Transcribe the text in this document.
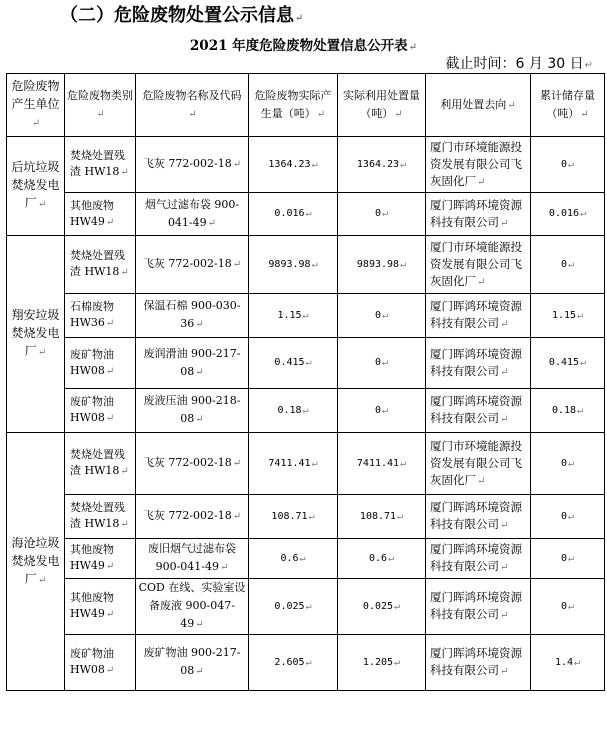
（二）危险废物处置公示信息↵
2021 年度危险废物处置信息公开表↵
截止时间：6 月 30 日↵
危险废物产生单位↵	危险废物类别↵	危险废物名称及代码↵	危险废物实际产生量（吨）↵	实际利用处置量（吨）↵	利用处置去向↵	累计储存量（吨）↵
后坑垃圾焚烧发电厂↵	焚烧处置残渣 HW18↵	飞灰 772-002-18↵	1364.23↵	1364.23↵	厦门市环境能源投资发展有限公司飞灰固化厂↵	0↵
	其他废物 HW49↵	烟气过滤布袋 900-041-49↵	0.016↵	0↵	厦门晖鸿环境资源科技有限公司↵	0.016↵
翔安垃圾焚烧发电厂↵	焚烧处置残渣 HW18↵	飞灰 772-002-18↵	9893.98↵	9893.98↵	厦门市环境能源投资发展有限公司飞灰固化厂↵	0↵
	石棉废物 HW36↵	保温石棉 900-030-36↵	1.15↵	0↵	厦门晖鸿环境资源科技有限公司↵	1.15↵
	废矿物油 HW08↵	废润滑油 900-217-08↵	0.415↵	0↵	厦门晖鸿环境资源科技有限公司↵	0.415↵
	废矿物油 HW08↵	废液压油 900-218-08↵	0.18↵	0↵	厦门晖鸿环境资源科技有限公司↵	0.18↵
海沧垃圾焚烧发电厂↵	焚烧处置残渣 HW18↵	飞灰 772-002-18↵	7411.41↵	7411.41↵	厦门市环境能源投资发展有限公司飞灰固化厂↵	0↵
	焚烧处置残渣 HW18↵	飞灰 772-002-18↵	108.71↵	108.71↵	厦门晖鸿环境资源科技有限公司↵	0↵
	其他废物 HW49↵	废旧烟气过滤布袋 900-041-49↵	0.6↵	0.6↵	厦门晖鸿环境资源科技有限公司↵	0↵
	其他废物 HW49↵	COD 在线、实验室设备废液 900-047-49↵	0.025↵	0.025↵	厦门晖鸿环境资源科技有限公司↵	0↵
	废矿物油 HW08↵	废矿物油 900-217-08↵	2.605↵	1.205↵	厦门晖鸿环境资源科技有限公司↵	1.4↵
